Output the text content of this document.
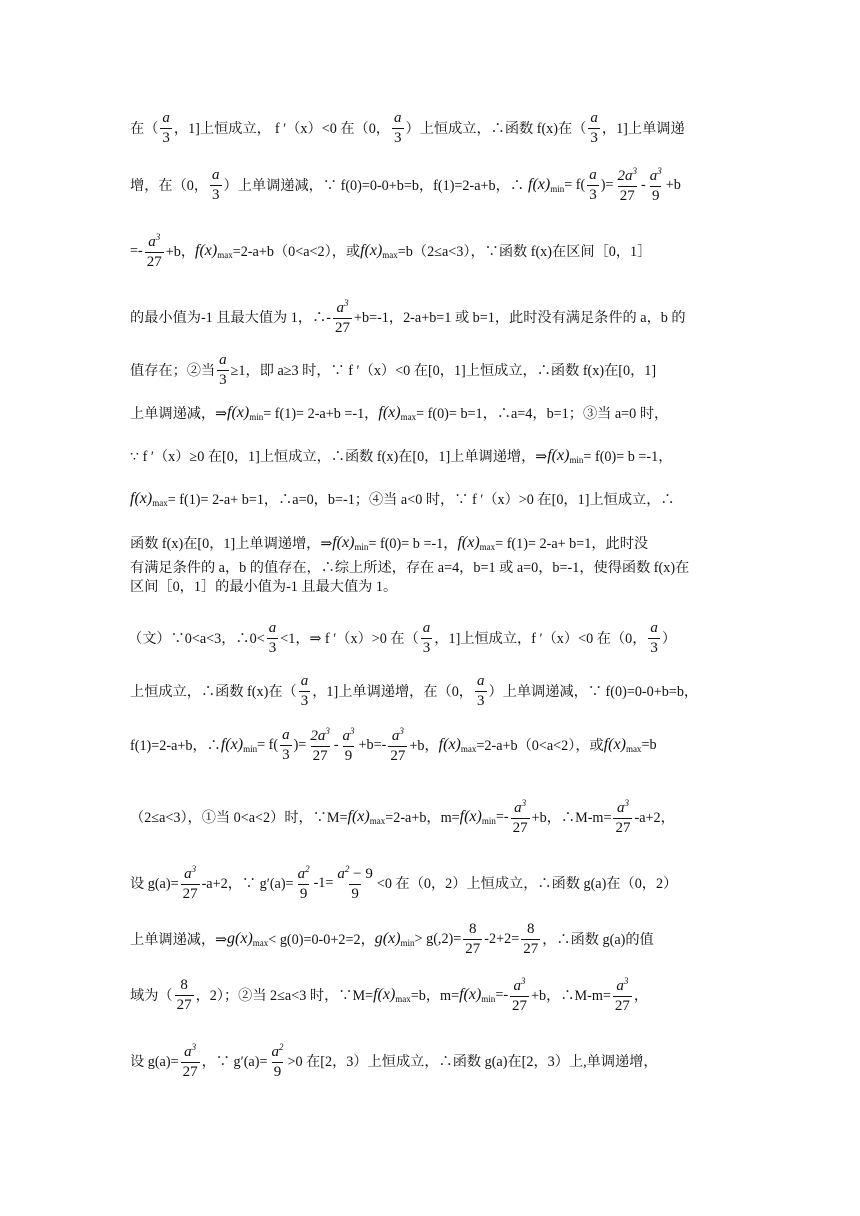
在（ $\frac{a}{3}$ ，1]上恒成立， f ′（x）<0 在（0， $\frac{a}{3}$ ）上恒成立，∴函数 f(x)在（ $\frac{a}{3}$ ，1]上单调递
增，在（0， $\frac{a}{3}$ ）上单调递减，∵ f(0)=0-0+b=b，f(1)=2-a+b，∴ $f(x)_{min} = f( \frac{a}{3}$ )= $\frac{2a^3}{27} - \frac{a^3}{9} +b$
=- $\frac{a^3}{27} +b$， $f(x)_{max} =2-a+b(0<a<2)$，或 $f(x)_{max} =b(2\le a<3)$，∵函数 f(x)在区间［0，1］
的最小值为-1 且最大值为 1，∴- $\frac{a^3}{27} +b=-1$，2-a+b=1 或 b=1，此时没有满足条件的 a，b 的
值存在；②当 $\frac{a}{3} \ge 1$，即 a≥3 时，∵ f ′（x）<0 在[0，1]上恒成立，∴函数 f(x)在[0，1]
上单调递减，⇒ $f(x)_{min} = f(1)= 2-a+b =-1$， $f(x)_{max} = f(0)= b=1$，∴a=4，b=1；③当 a=0 时，
∵ f ′（x）≥0 在[0，1]上恒成立，∴函数 f(x)在[0，1]上单调递增，⇒ $f(x)_{min} = f(0)= b =-1$，
$f(x)_{max} = f(1)= 2-a+ b=1$，∴a=0，b=-1；④当 a<0 时，∵ f ′（x）>0 在[0，1]上恒成立，∴
函数 f(x)在[0，1]上单调递增，⇒ $f(x)_{min} = f(0)= b =-1$， $f(x)_{max} = f(1)= 2-a+ b=1$，此时没
有满足条件的 a，b 的值存在，∴综上所述，存在 a=4，b=1 或 a=0，b=-1，使得函数 f(x)在
区间［0，1］的最小值为-1 且最大值为 1。
（文）∵0<a<3，∴0< $\frac{a}{3} <1$，⇒ f ′（x）>0 在（ $\frac{a}{3}$ ，1]上恒成立，f ′（x）<0 在（0， $\frac{a}{3}$ ）
上恒成立，∴函数 f(x)在（ $\frac{a}{3}$ ，1]上单调递增，在（0， $\frac{a}{3}$ ）上单调递减，∵ f(0)=0-0+b=b，
f(1)=2-a+b，∴ $f(x)_{min} = f( \frac{a}{3}$ )= $\frac{2a^3}{27} - \frac{a^3}{9} +b=- \frac{a^3}{27} +b$， $f(x)_{max} =2-a+b(0<a<2)$，或 $f(x)_{max} =b$
（2≤a<3），①当 0<a<2）时，∵M= $f(x)_{max} =2-a+b$，$m= f(x)_{min} =- \frac{a^3}{27} +b$，∴M-m= $\frac{a^3}{27} -a+2$，
设 $g(a)= \frac{a^3}{27} -a+2$，∵ $g'(a)= \frac{a^2}{9} -1= \frac{a^2 - 9}{9} <0$ 在（0，2）上恒成立，∴函数 g(a)在（0，2）
上单调递减，⇒ $g(x)_{max} < g(0)=0-0+2=2$， $g(x)_{min} > g(,2)= \frac{8}{27} -2+2= \frac{8}{27}$ ，∴函数 g(a)的值
域为（ $\frac{8}{27}$ ，2）；②当 2≤a<3 时，∵M= $f(x)_{max} =b$，$m= f(x)_{min} =- \frac{a^3}{27} +b$，∴M-m= $\frac{a^3}{27}$ ，
设 $g(a)= \frac{a^3}{27}$ ，∵ $g'(a)= \frac{a^2}{9} >0$ 在[2，3）上恒成立，∴函数 g(a)在[2，3）上,单调递增，
